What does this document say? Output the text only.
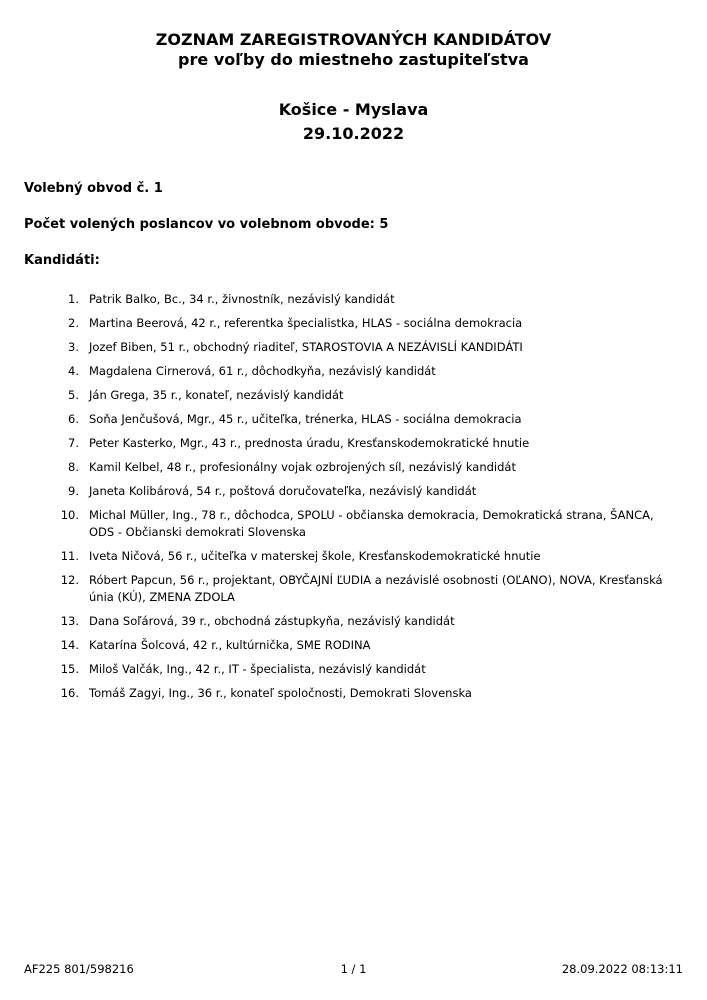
ZOZNAM ZAREGISTROVANÝCH KANDIDÁTOV
pre voľby do miestneho zastupiteľstva
Košice - Myslava
29.10.2022
Volebný obvod č. 1
Počet volených poslancov vo volebnom obvode: 5
Kandidáti:
1. Patrik Balko, Bc., 34 r., živnostník, nezávislý kandidát
2. Martina Beerová, 42 r., referentka špecialistka, HLAS - sociálna demokracia
3. Jozef Biben, 51 r., obchodný riaditeľ, STAROSTOVIA A NEZÁVISLÍ KANDIDÁTI
4. Magdalena Cirnerová, 61 r., dôchodkyňa, nezávislý kandidát
5. Ján Grega, 35 r., konateľ, nezávislý kandidát
6. Soňa Jenčušová, Mgr., 45 r., učiteľka, trénerka, HLAS - sociálna demokracia
7. Peter Kasterko, Mgr., 43 r., prednosta úradu, Kresťanskodemokratické hnutie
8. Kamil Kelbel, 48 r., profesionálny vojak ozbrojených síl, nezávislý kandidát
9. Janeta Kolibárová, 54 r., poštová doručovateľka, nezávislý kandidát
10. Michal Müller, Ing., 78 r., dôchodca, SPOLU - občianska demokracia, Demokratická strana, ŠANCA, ODS - Občianski demokrati Slovenska
11. Iveta Ničová, 56 r., učiteľka v materskej škole, Kresťanskodemokratické hnutie
12. Róbert Papcun, 56 r., projektant, OBYČAJNÍ ĽUDIA a nezávislé osobnosti (OĽANO), NOVA, Kresťanská únia (KÚ), ZMENA ZDOLA
13. Dana Soľárová, 39 r., obchodná zástupkyňa, nezávislý kandidát
14. Katarína Šolcová, 42 r., kultúrnička, SME RODINA
15. Miloš Valčák, Ing., 42 r., IT - špecialista, nezávislý kandidát
16. Tomáš Zagyi, Ing., 36 r., konateľ spoločnosti, Demokrati Slovenska
AF225 801/598216	1 / 1	28.09.2022 08:13:11
